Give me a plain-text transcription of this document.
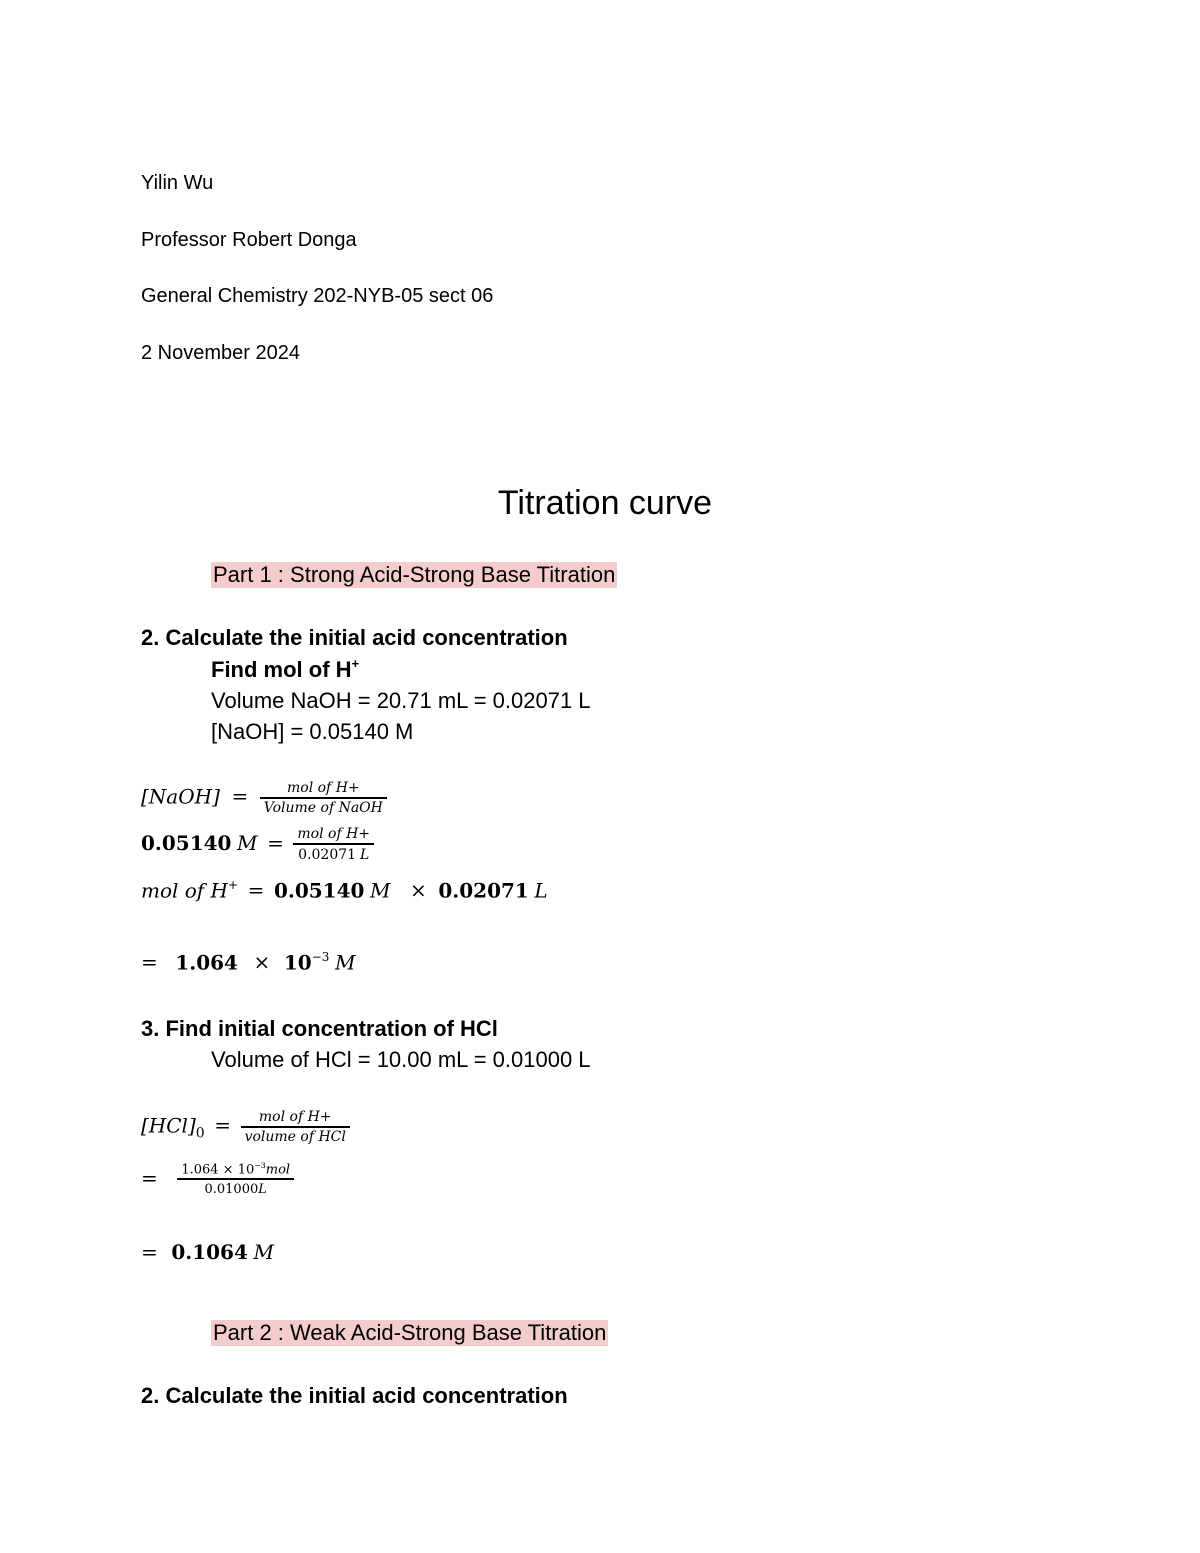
Yilin Wu
Professor Robert Donga
General Chemistry 202-NYB-05 sect 06
2 November 2024
Titration curve
Part 1 : Strong Acid-Strong Base Titration
2. Calculate the initial acid concentration
Find mol of H+
Volume NaOH = 20.71 mL = 0.02071 L
[NaOH] = 0.05140 M
[NaOH] = $\frac{\text{mol of H+}}{\text{Volume of NaOH}}$
0.05140 $M = \frac{\text{mol of H+}}{0.02071 L}$
mol of H+ = 0.05140 M × 0.02071 L
= $1.064 \times 10^{-3}$ M
3. Find initial concentration of HCl
Volume of HCl = 10.00 mL = 0.01000 L
$[HCl]_0 = \frac{\text{mol of H+}}{\text{volume of HCl}}$
= $\frac{1.064 \times 10^{-3}mol}{0.01000L}$
= 0.1064 M
Part 2 : Weak Acid-Strong Base Titration
2. Calculate the initial acid concentration
